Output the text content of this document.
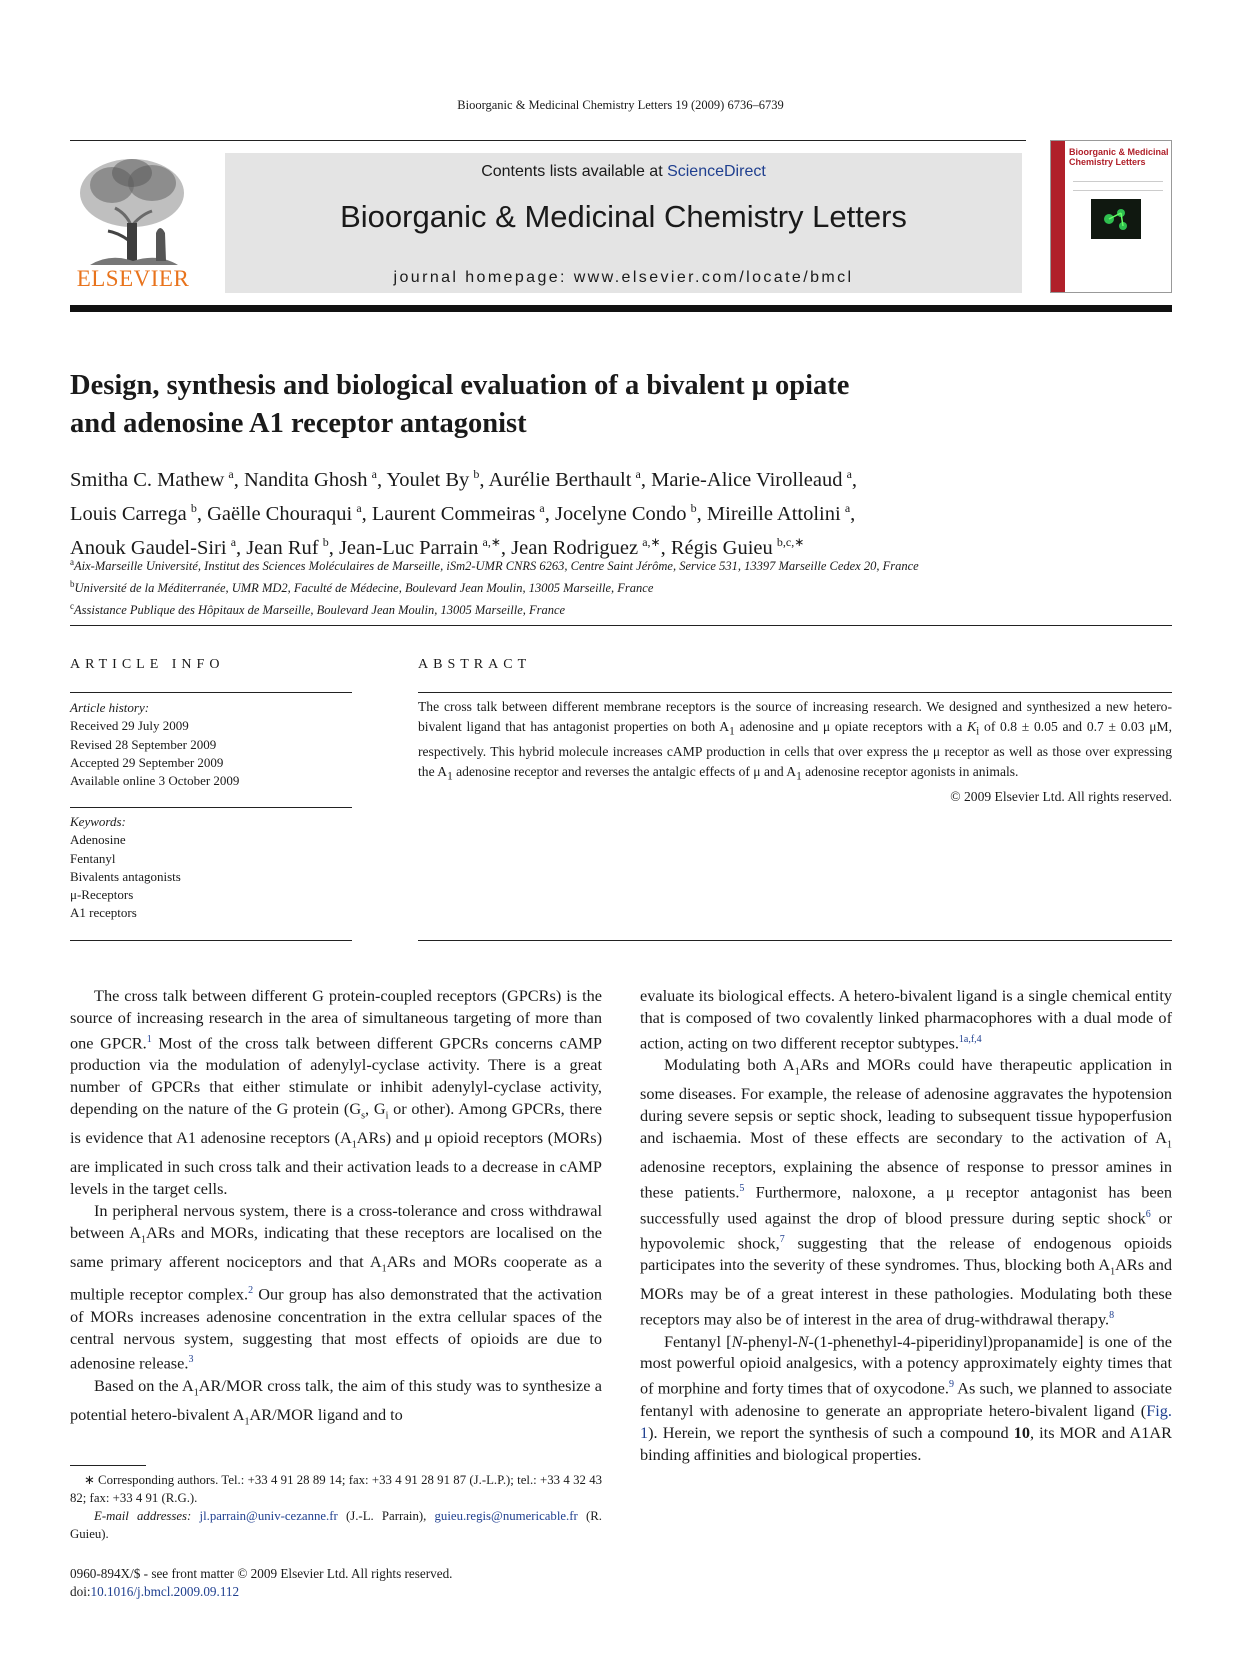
Bioorganic & Medicinal Chemistry Letters 19 (2009) 6736–6739
ELSEVIER
Contents lists available at ScienceDirect
Bioorganic & Medicinal Chemistry Letters
journal homepage: www.elsevier.com/locate/bmcl
Bioorganic & Medicinal Chemistry Letters
Design, synthesis and biological evaluation of a bivalent μ opiate
and adenosine A1 receptor antagonist
Smitha C. Mathew  $^a$, Nandita Ghosh  $^a$, Youlet By  $^b$, Aurélie Berthault  $^a$, Marie-Alice Virolleaud  $^a$,
Louis Carrega  $^b$, Gaëlle Chouraqui  $^a$, Laurent Commeiras  $^a$, Jocelyne Condo  $^b$, Mireille Attolini  $^a$,
Anouk Gaudel-Siri  $^a$, Jean Ruf  $^b$, Jean-Luc Parrain  $^{a,∗}$, Jean Rodriguez  $^{a,∗}$, Régis Guieu  $^{b,c,∗}$
$^a$Aix-Marseille Université, Institut des Sciences Moléculaires de Marseille, iSm2-UMR CNRS 6263, Centre Saint Jérôme, Service 531, 13397 Marseille Cedex 20, France
$^b$Université de la Méditerranée, UMR MD2, Faculté de Médecine, Boulevard Jean Moulin, 13005 Marseille, France
$^c$Assistance Publique des Hôpitaux de Marseille, Boulevard Jean Moulin, 13005 Marseille, France
ARTICLE INFO
Article history:
Received 29 July 2009
Revised 28 September 2009
Accepted 29 September 2009
Available online 3 October 2009
Keywords:
Adenosine
Fentanyl
Bivalents antagonists
μ-Receptors
A1 receptors
ABSTRACT
The cross talk between different membrane receptors is the source of increasing research. We designed and synthesized a new hetero-bivalent ligand that has antagonist properties on both $A_1$ adenosine and μ opiate receptors with a $K_i$ of 0.8 ± 0.05 and 0.7 ± 0.03 μM, respectively. This hybrid molecule increases cAMP production in cells that over express the μ receptor as well as those over expressing the $A_1$ adenosine receptor and reverses the antalgic effects of μ and $A_1$ adenosine receptor agonists in animals.
© 2009 Elsevier Ltd. All rights reserved.

The cross talk between different G protein-coupled receptors (GPCRs) is the source of increasing research in the area of simultaneous targeting of more than one GPCR.$^1$ Most of the cross talk between different GPCRs concerns cAMP production via the modulation of adenylyl-cyclase activity. There is a great number of GPCRs that either stimulate or inhibit adenylyl-cyclase activity, depending on the nature of the G protein ($G_s$, $G_i$ or other). Among GPCRs, there is evidence that A1 adenosine receptors $(A_1ARs)$ and μ opioid receptors (MORs) are implicated in such cross talk and their activation leads to a decrease in cAMP levels in the target cells.

In peripheral nervous system, there is a cross-tolerance and cross withdrawal between $A_1ARs$ and MORs, indicating that these receptors are localised on the same primary afferent nociceptors and that $A_1ARs$ and MORs cooperate as a multiple receptor complex.$^2$ Our group has also demonstrated that the activation of MORs increases adenosine concentration in the extra cellular spaces of the central nervous system, suggesting that most effects of opioids are due to adenosine release.$^3$

Based on the $A_1AR$/MOR cross talk, the aim of this study was to synthesize a potential hetero-bivalent $A_1AR$/MOR ligand and to

evaluate its biological effects. A hetero-bivalent ligand is a single chemical entity that is composed of two covalently linked pharmacophores with a dual mode of action, acting on two different receptor subtypes.$^{1a,f,4}$

Modulating both $A_1ARs$ and MORs could have therapeutic application in some diseases. For example, the release of adenosine aggravates the hypotension during severe sepsis or septic shock, leading to subsequent tissue hypoperfusion and ischaemia. Most of these effects are secondary to the activation of $A_1$ adenosine receptors, explaining the absence of response to pressor amines in these patients.$^5$ Furthermore, naloxone, a μ receptor antagonist has been successfully used against the drop of blood pressure during septic shock$^6$ or hypovolemic shock,$^7$ suggesting that the release of endogenous opioids participates into the severity of these syndromes. Thus, blocking both $A_1ARs$ and MORs may be of a great interest in these pathologies. Modulating both these receptors may also be of interest in the area of drug-withdrawal therapy.$^8$

Fentanyl [N-phenyl-N-(1-phenethyl-4-piperidinyl)propanamide] is one of the most powerful opioid analgesics, with a potency approximately eighty times that of morphine and forty times that of oxycodone.$^9$ As such, we planned to associate fentanyl with adenosine to generate an appropriate hetero-bivalent ligand (Fig. 1). Herein, we report the synthesis of such a compound 10, its MOR and A1AR binding affinities and biological properties.

∗ Corresponding authors. Tel.: +33 4 91 28 89 14; fax: +33 4 91 28 91 87 (J.-L.P.); tel.: +33 4 32 43 82; fax: +33 4 91 (R.G.).
E-mail addresses: jl.parrain@univ-cezanne.fr (J.-L. Parrain), guieu.regis@numericable.fr (R. Guieu).
0960-894X/$ - see front matter © 2009 Elsevier Ltd. All rights reserved.
doi:10.1016/j.bmcl.2009.09.112
